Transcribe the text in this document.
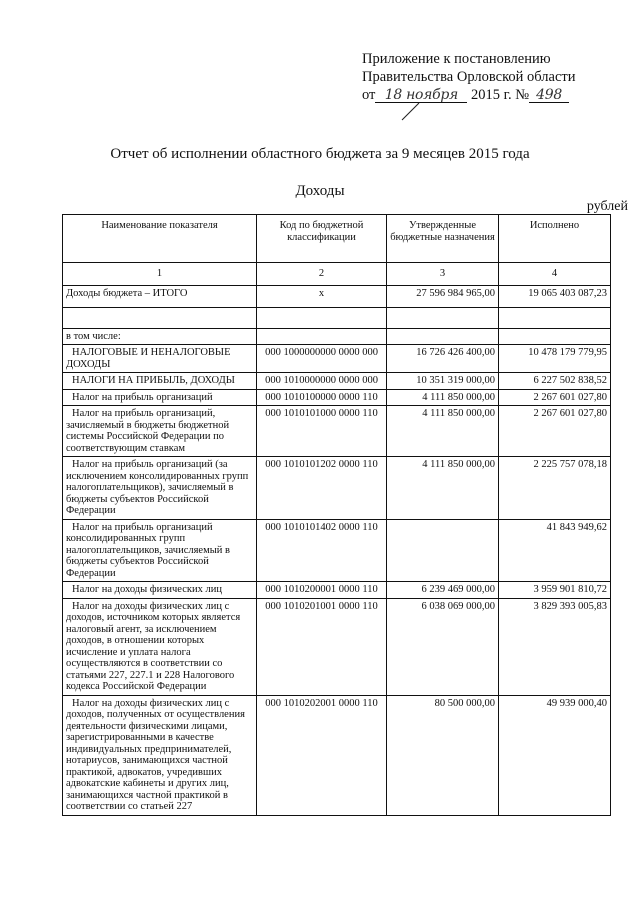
Приложение к постановлению
Правительства Орловской области
от 18 ноября 2015 г. № 498
Отчет об исполнении областного бюджета за 9 месяцев 2015 года
Доходы
рублей
Наименование показателя	Код по бюджетной классификации	Утвержденные бюджетные назначения	Исполнено
1	2	3	4
Доходы бюджета – ИТОГО	x	27 596 984 965,00	19 065 403 087,23

в том числе:			
НАЛОГОВЫЕ И НЕНАЛОГОВЫЕ ДОХОДЫ	000 1000000000 0000 000	16 726 426 400,00	10 478 179 779,95
НАЛОГИ НА ПРИБЫЛЬ, ДОХОДЫ	000 1010000000 0000 000	10 351 319 000,00	6 227 502 838,52
Налог на прибыль организаций	000 1010100000 0000 110	4 111 850 000,00	2 267 601 027,80
Налог на прибыль организаций, зачисляемый в бюджеты бюджетной системы Российской Федерации по соответствующим ставкам	000 1010101000 0000 110	4 111 850 000,00	2 267 601 027,80
Налог на прибыль организаций (за исключением консолидированных групп налогоплательщиков), зачисляемый в бюджеты субъектов Российской Федерации	000 1010101202 0000 110	4 111 850 000,00	2 225 757 078,18
Налог на прибыль организаций консолидированных групп налогоплательщиков, зачисляемый в бюджеты субъектов Российской Федерации	000 1010101402 0000 110		41 843 949,62
Налог на доходы физических лиц	000 1010200001 0000 110	6 239 469 000,00	3 959 901 810,72
Налог на доходы физических лиц с доходов, источником которых является налоговый агент, за исключением доходов, в отношении которых исчисление и уплата налога осуществляются в соответствии со статьями 227, 227.1 и 228 Налогового кодекса Российской Федерации	000 1010201001 0000 110	6 038 069 000,00	3 829 393 005,83
Налог на доходы физических лиц с доходов, полученных от осуществления деятельности физическими лицами, зарегистрированными в качестве индивидуальных предпринимателей, нотариусов, занимающихся частной практикой, адвокатов, учредивших адвокатские кабинеты и других лиц, занимающихся частной практикой в соответствии со статьей 227	000 1010202001 0000 110	80 500 000,00	49 939 000,40
